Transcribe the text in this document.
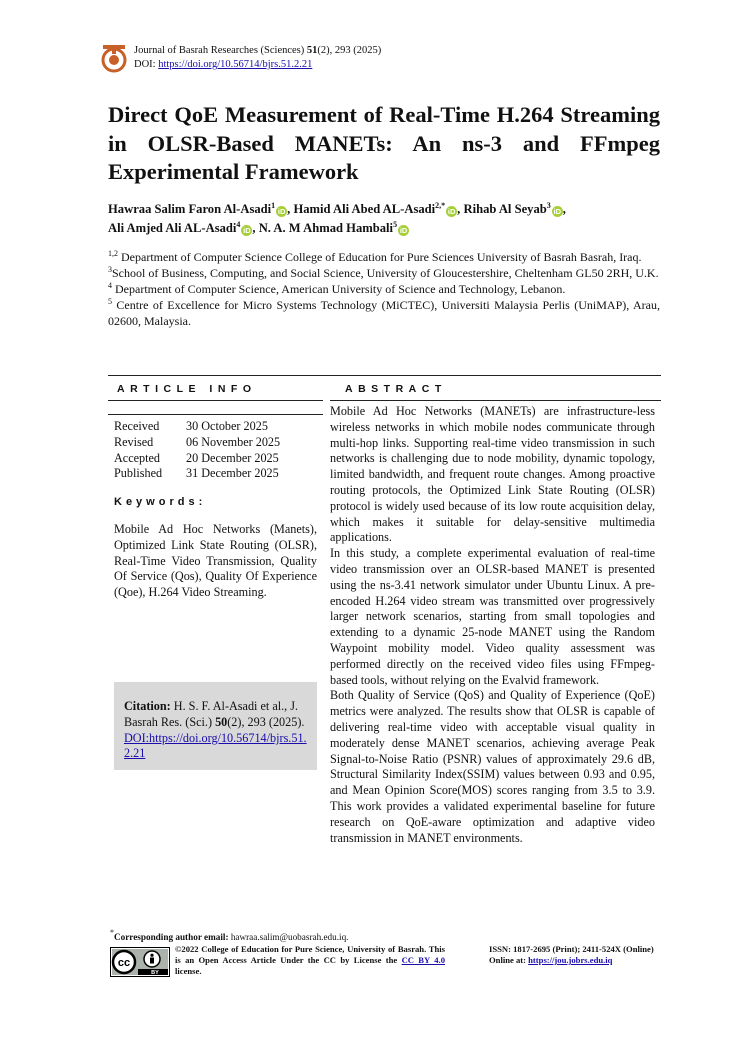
Journal of Basrah Researches (Sciences) 51(2), 293 (2025)
DOI: https://doi.org/10.56714/bjrs.51.2.21
Direct QoE Measurement of Real-Time H.264 Streaming in OLSR-Based MANETs: An ns-3 and FFmpeg Experimental Framework
Hawraa Salim Faron Al-Asadi$^1$iD , Hamid Ali Abed AL-Asadi$^{2,*}$iD , Rihab Al Seyab$^3$iD ,
Ali Amjed Ali AL-Asadi$^4$iD , N. A. M Ahmad Hambali$^5$iD
$^{1,2}$ Department of Computer Science College of Education for Pure Sciences University of Basrah Basrah, Iraq.
$^3$School of Business, Computing, and Social Science, University of Gloucestershire, Cheltenham GL50 2RH, U.K.
$^4$ Department of Computer Science, American University of Science and Technology, Lebanon.
$^5$ Centre of Excellence for Micro Systems Technology (MiCTEC), Universiti Malaysia Perlis (UniMAP), Arau, 02600, Malaysia.
ARTICLE INFO	ABSTRACT
Received 30 October 2025
Revised	06 November 2025
Accepted 20 December 2025
Published 31 December 2025
Keywords:
Mobile Ad Hoc Networks (Manets), Optimized Link State Routing (OLSR), Real-Time Video Transmission, Quality Of Service (Qos), Quality Of Experience (Qoe), H.264 Video Streaming.
Citation: H. S. F. Al-Asadi et al., J. Basrah Res. (Sci.) 50(2), 293 (2025).
DOI:https://doi.org/10.56714/bjrs.51.2.21

Mobile Ad Hoc Networks (MANETs) are infrastructure-less wireless networks in which mobile nodes communicate through multi-hop links. Supporting real-time video transmission in such networks is challenging due to node mobility, dynamic topology, limited bandwidth, and frequent route changes. Among proactive routing protocols, the Optimized Link State Routing (OLSR) protocol is widely used because of its low route acquisition delay, which makes it suitable for delay-sensitive multimedia applications.

In this study, a complete experimental evaluation of real-time video transmission over an OLSR-based MANET is presented using the ns-3.41 network simulator under Ubuntu Linux. A pre-encoded H.264 video stream was transmitted over progressively larger network scenarios, starting from small topologies and extending to a dynamic 25-node MANET using the Random Waypoint mobility model. Video quality assessment was performed directly on the received video files using FFmpeg-based tools, without relying on the Evalvid framework.

Both Quality of Service (QoS) and Quality of Experience (QoE) metrics were analyzed. The results show that OLSR is capable of delivering real-time video with acceptable visual quality in moderately dense MANET scenarios, achieving average Peak Signal-to-Noise Ratio (PSNR) values of approximately 29.6 dB, Structural Similarity Index(SSIM) values between 0.93 and 0.95, and Mean Opinion Score(MOS) scores ranging from 3.5 to 3.9. This work provides a validated experimental baseline for future research on QoE-aware optimization and adaptive video transmission in MANET environments.

*Corresponding author email: hawraa.salim@uobasrah.edu.iq.
BY
cc
©2022 College of Education for Pure Science, University of Basrah. This is an Open Access Article Under the CC by License the CC BY 4.0 license.
ISSN: 1817-2695 (Print); 2411-524X (Online)
Online at: https://jou.jobrs.edu.iq
